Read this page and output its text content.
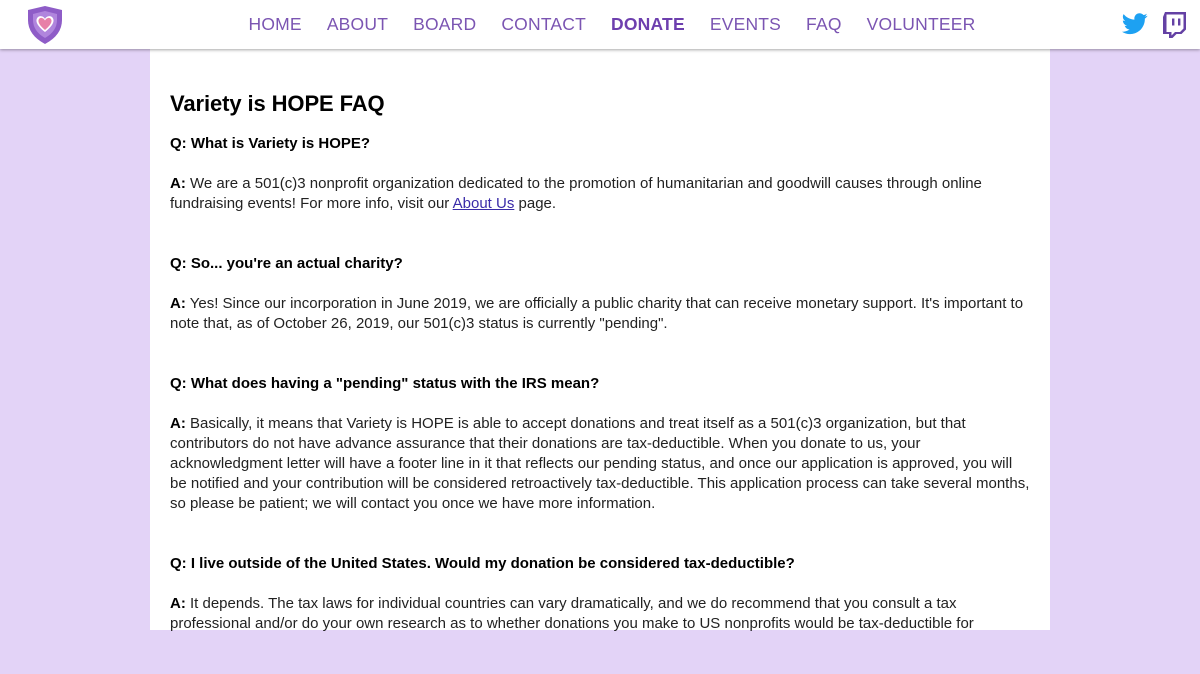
HOME	ABOUT	BOARD	CONTACT	DONATE	EVENTS	FAQ	VOLUNTEER
Variety is HOPE FAQ

Q: What is Variety is HOPE?

A: We are a 501(c)3 nonprofit organization dedicated to the promotion of humanitarian and goodwill causes through online fundraising events! For more info, visit our About Us page.

Q: So... you're an actual charity?

A: Yes! Since our incorporation in June 2019, we are officially a public charity that can receive monetary support. It's important to note that, as of October 26, 2019, our 501(c)3 status is currently "pending".

Q: What does having a "pending" status with the IRS mean?

A: Basically, it means that Variety is HOPE is able to accept donations and treat itself as a 501(c)3 organization, but that contributors do not have advance assurance that their donations are tax-deductible. When you donate to us, your acknowledgment letter will have a footer line in it that reflects our pending status, and once our application is approved, you will be notified and your contribution will be considered retroactively tax-deductible. This application process can take several months, so please be patient; we will contact you once we have more information.

Q: I live outside of the United States. Would my donation be considered tax-deductible?

A: It depends. The tax laws for individual countries can vary dramatically, and we do recommend that you consult a tax professional and/or do your own research as to whether donations you make to US nonprofits would be tax-deductible for
